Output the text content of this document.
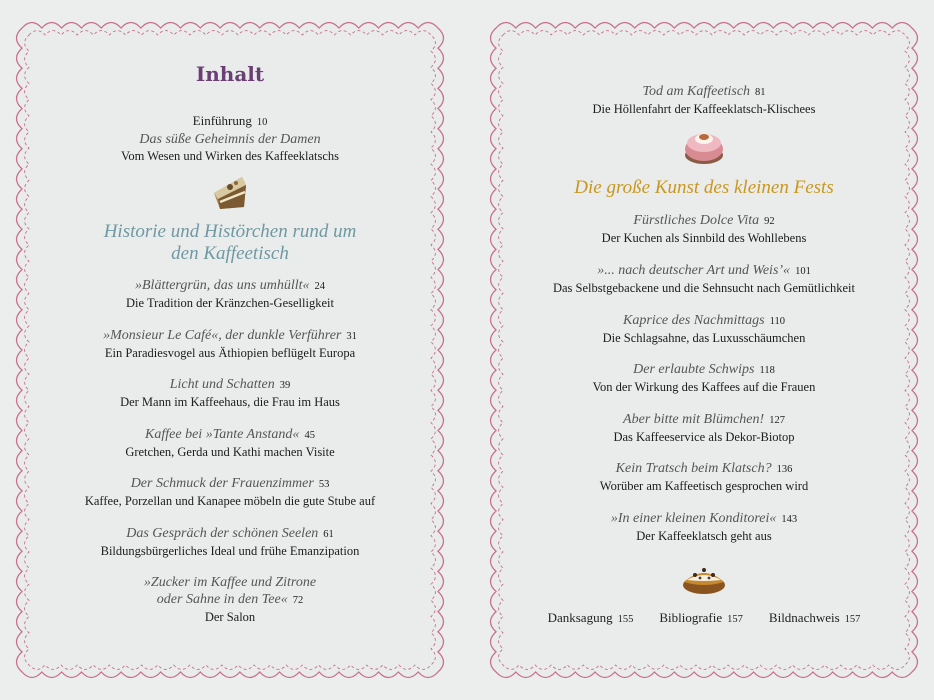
Inhalt
Einführung 10
Das süße Geheimnis der Damen
Vom Wesen und Wirken des Kaffeeklatschs
Historie und Histörchen rund um
den Kaffeetisch
»Blättergrün, das uns umhüllt« 24
Die Tradition der Kränzchen-Geselligkeit
»Monsieur Le Café«, der dunkle Verführer 31
Ein Paradiesvogel aus Äthiopien beflügelt Europa
Licht und Schatten 39
Der Mann im Kaffeehaus, die Frau im Haus
Kaffee bei »Tante Anstand« 45
Gretchen, Gerda und Kathi machen Visite
Der Schmuck der Frauenzimmer 53
Kaffee, Porzellan und Kanapee möbeln die gute Stube auf
Das Gespräch der schönen Seelen 61
Bildungsbürgerliches Ideal und frühe Emanzipation
»Zucker im Kaffee und Zitrone
oder Sahne in den Tee« 72
Der Salon
Tod am Kaffeetisch 81
Die Höllenfahrt der Kaffeeklatsch-Klischees
Die große Kunst des kleinen Fests
Fürstliches Dolce Vita 92
Der Kuchen als Sinnbild des Wohllebens
»... nach deutscher Art und Weis’« 101
Das Selbstgebackene und die Sehnsucht nach Gemütlichkeit
Kaprice des Nachmittags 110
Die Schlagsahne, das Luxusschäumchen
Der erlaubte Schwips 118
Von der Wirkung des Kaffees auf die Frauen
Aber bitte mit Blümchen! 127
Das Kaffeeservice als Dekor-Biotop
Kein Tratsch beim Klatsch? 136
Worüber am Kaffeetisch gesprochen wird
»In einer kleinen Konditorei« 143
Der Kaffeeklatsch geht aus
Danksagung 155 Bibliografie 157 Bildnachweis 157
